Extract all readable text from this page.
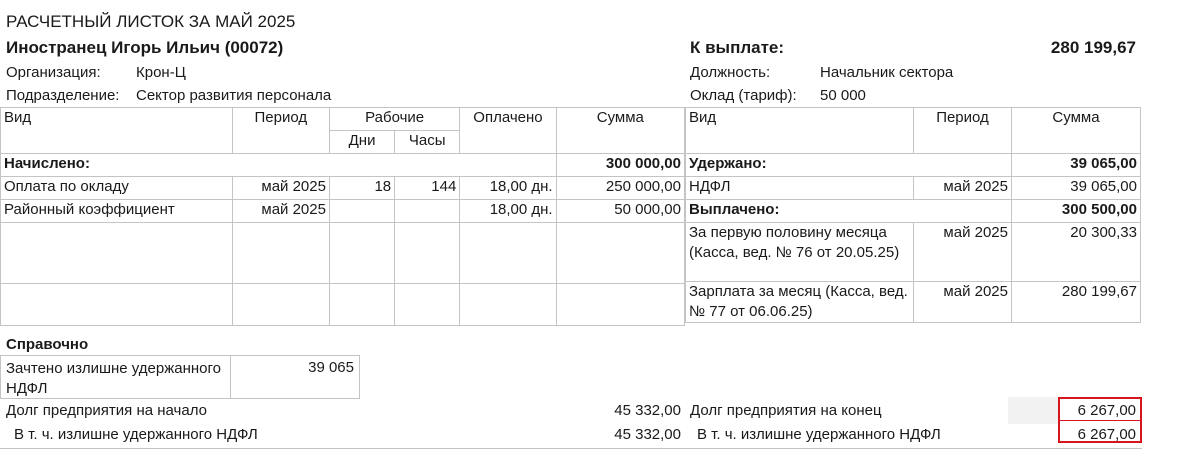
РАСЧЕТНЫЙ ЛИСТОК ЗА МАЙ 2025
Иностранец Игорь Ильич (00072)	К выплате:	280 199,67
Организация: Крон-Ц	Должность:	Начальник сектора
Подразделение: Сектор развития персонала	Оклад (тариф): 50 000
Вид	Период	Рабочие		Оплачено	Сумма
		Дни	Часы		
Начислено:					300 000,00
Оплата по окладу	май 2025	18	144	18,00 дн.	250 000,00
Районный коэффициент	май 2025			18,00 дн.	50 000,00

Вид	Период	Сумма
Удержано:		39 065,00
НДФЛ	май 2025	39 065,00
Выплачено:		300 500,00
За первую половину месяца (Касса, вед. № 76 от 20.05.25)	май 2025	20 300,33
Зарплата за месяц (Касса, вед. № 77 от 06.06.25)	май 2025	280 199,67
Справочно
Зачтено излишне удержанного НДФЛ
39 065
Долг предприятия на начало	45 332,00
В т. ч. излишне удержанного НДФЛ	45 332,00
Долг предприятия на конец	6 267,00
В т. ч. излишне удержанного НДФЛ	6 267,00
